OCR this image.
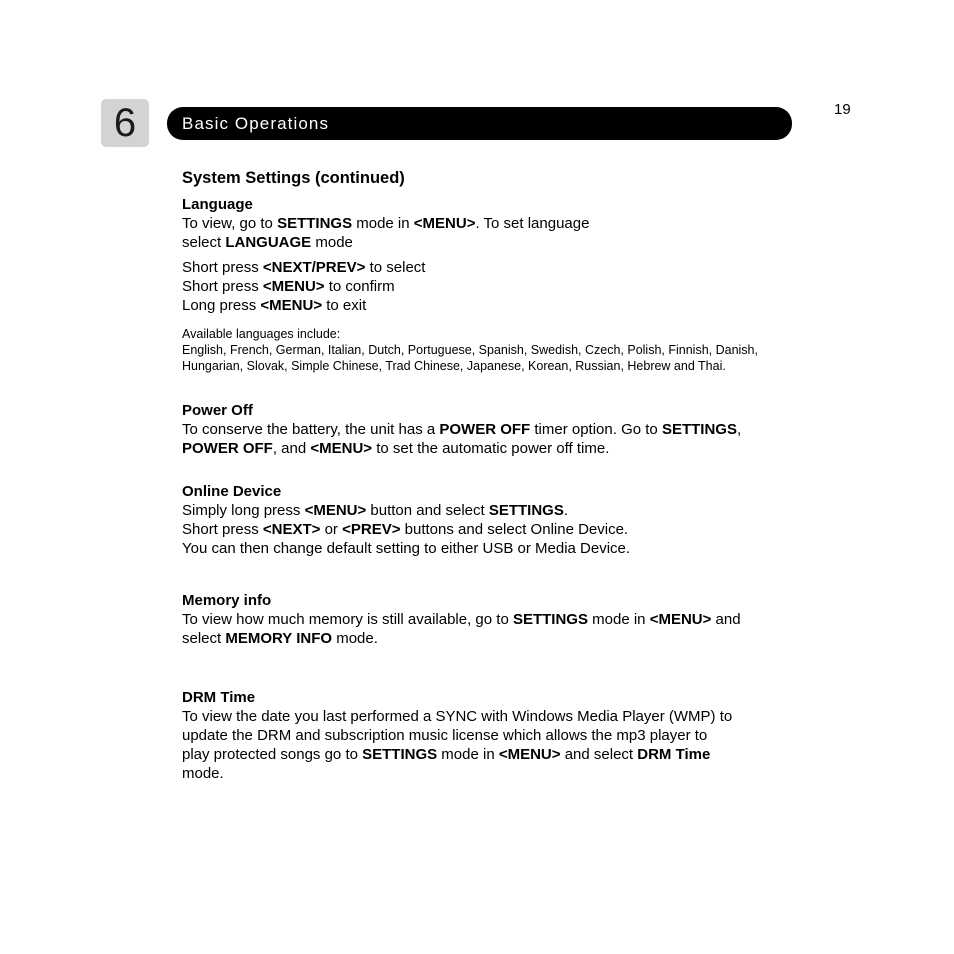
6	Basic Operations
19

System Settings (continued)

Language

To view, go to SETTINGS mode in <MENU>. To set language

select LANGUAGE mode

Short press <NEXT/PREV> to select

Short press <MENU> to confirm

Long press <MENU> to exit

Available languages include:

English, French, German, Italian, Dutch, Portuguese, Spanish, Swedish, Czech, Polish, Finnish, Danish,

Hungarian, Slovak, Simple Chinese, Trad Chinese, Japanese, Korean, Russian, Hebrew and Thai.

Power Off

To conserve the battery, the unit has a POWER OFF timer option. Go to SETTINGS,

POWER OFF, and <MENU> to set the automatic power off time.

Online Device

Simply long press <MENU> button and select SETTINGS.

Short press <NEXT> or <PREV> buttons and select Online Device.

You can then change default setting to either USB or Media Device.

Memory info

To view how much memory is still available, go to SETTINGS mode in <MENU> and

select MEMORY INFO mode.

DRM Time

To view the date you last performed a SYNC with Windows Media Player (WMP) to

update the DRM and subscription music license which allows the mp3 player to

play protected songs go to SETTINGS mode in <MENU> and select DRM Time

mode.
